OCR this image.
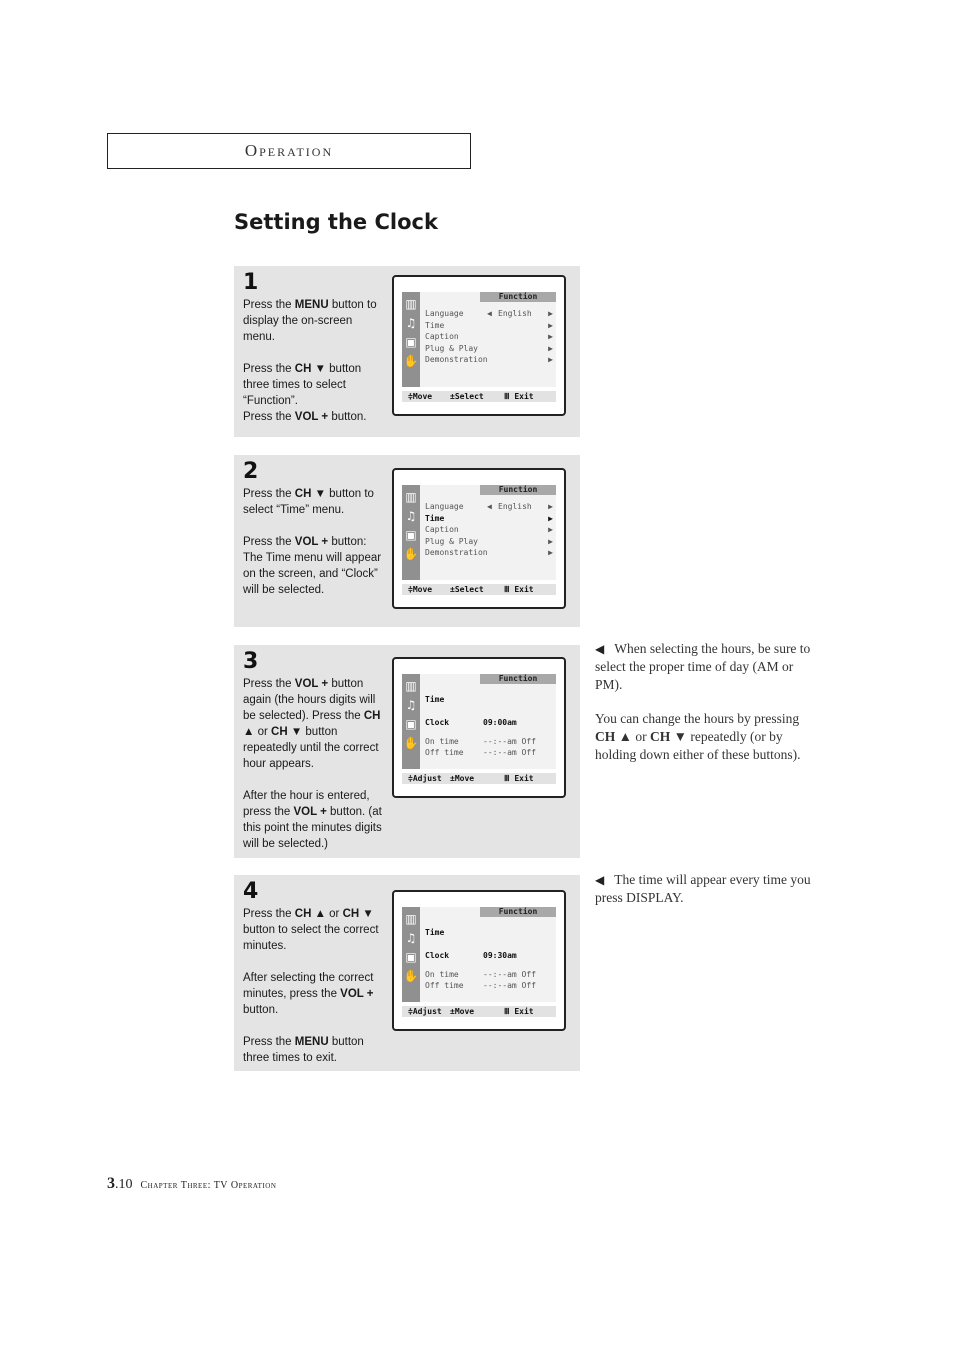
Operation
Setting the Clock
1

Press the MENU button to display the on-screen menu.

Press the CH ▼ button three times to select “Function”.
Press the VOL + button.

▥
♫
▣
✋
Function
Language	◀ English ▶
Time	▶
Caption	▶
Plug & Play	▶
Demonstration	▶
≑Move ±Select	Ⅲ Exit
2

Press the CH ▼ button to select “Time” menu.

Press the VOL + button: The Time menu will appear on the screen, and “Clock” will be selected.

▥
♫
▣
✋
Function
Language	◀ English ▶
Time	▶
Caption	▶
Plug & Play	▶
Demonstration	▶
≑Move ±Select	Ⅲ Exit
3

Press the VOL + button again (the hours digits will be selected). Press the CH ▲ or CH ▼ button repeatedly until the correct hour appears.

After the hour is entered, press the VOL + button. (at this point the minutes digits will be selected.)

▥
♫
▣
✋
Function
Time
Clock	09:00am
On time	--:--am Off
Off time --:--am Off
≑Adjust ±Move	Ⅲ Exit
4

Press the CH ▲ or CH ▼ button to select the correct minutes.

After selecting the correct minutes, press the VOL + button.

Press the MENU button three times to exit.

▥
♫
▣
✋
Function
Time
Clock	09:30am
On time	--:--am Off
Off time --:--am Off
≑Adjust ±Move	Ⅲ Exit

◀ When selecting the hours, be sure to select the proper time of day (AM or PM).

You can change the hours by pressing CH ▲ or CH ▼ repeatedly (or by holding down either of these buttons).

◀ The time will appear every time you press DISPLAY.

3.10 Chapter Three: TV Operation
